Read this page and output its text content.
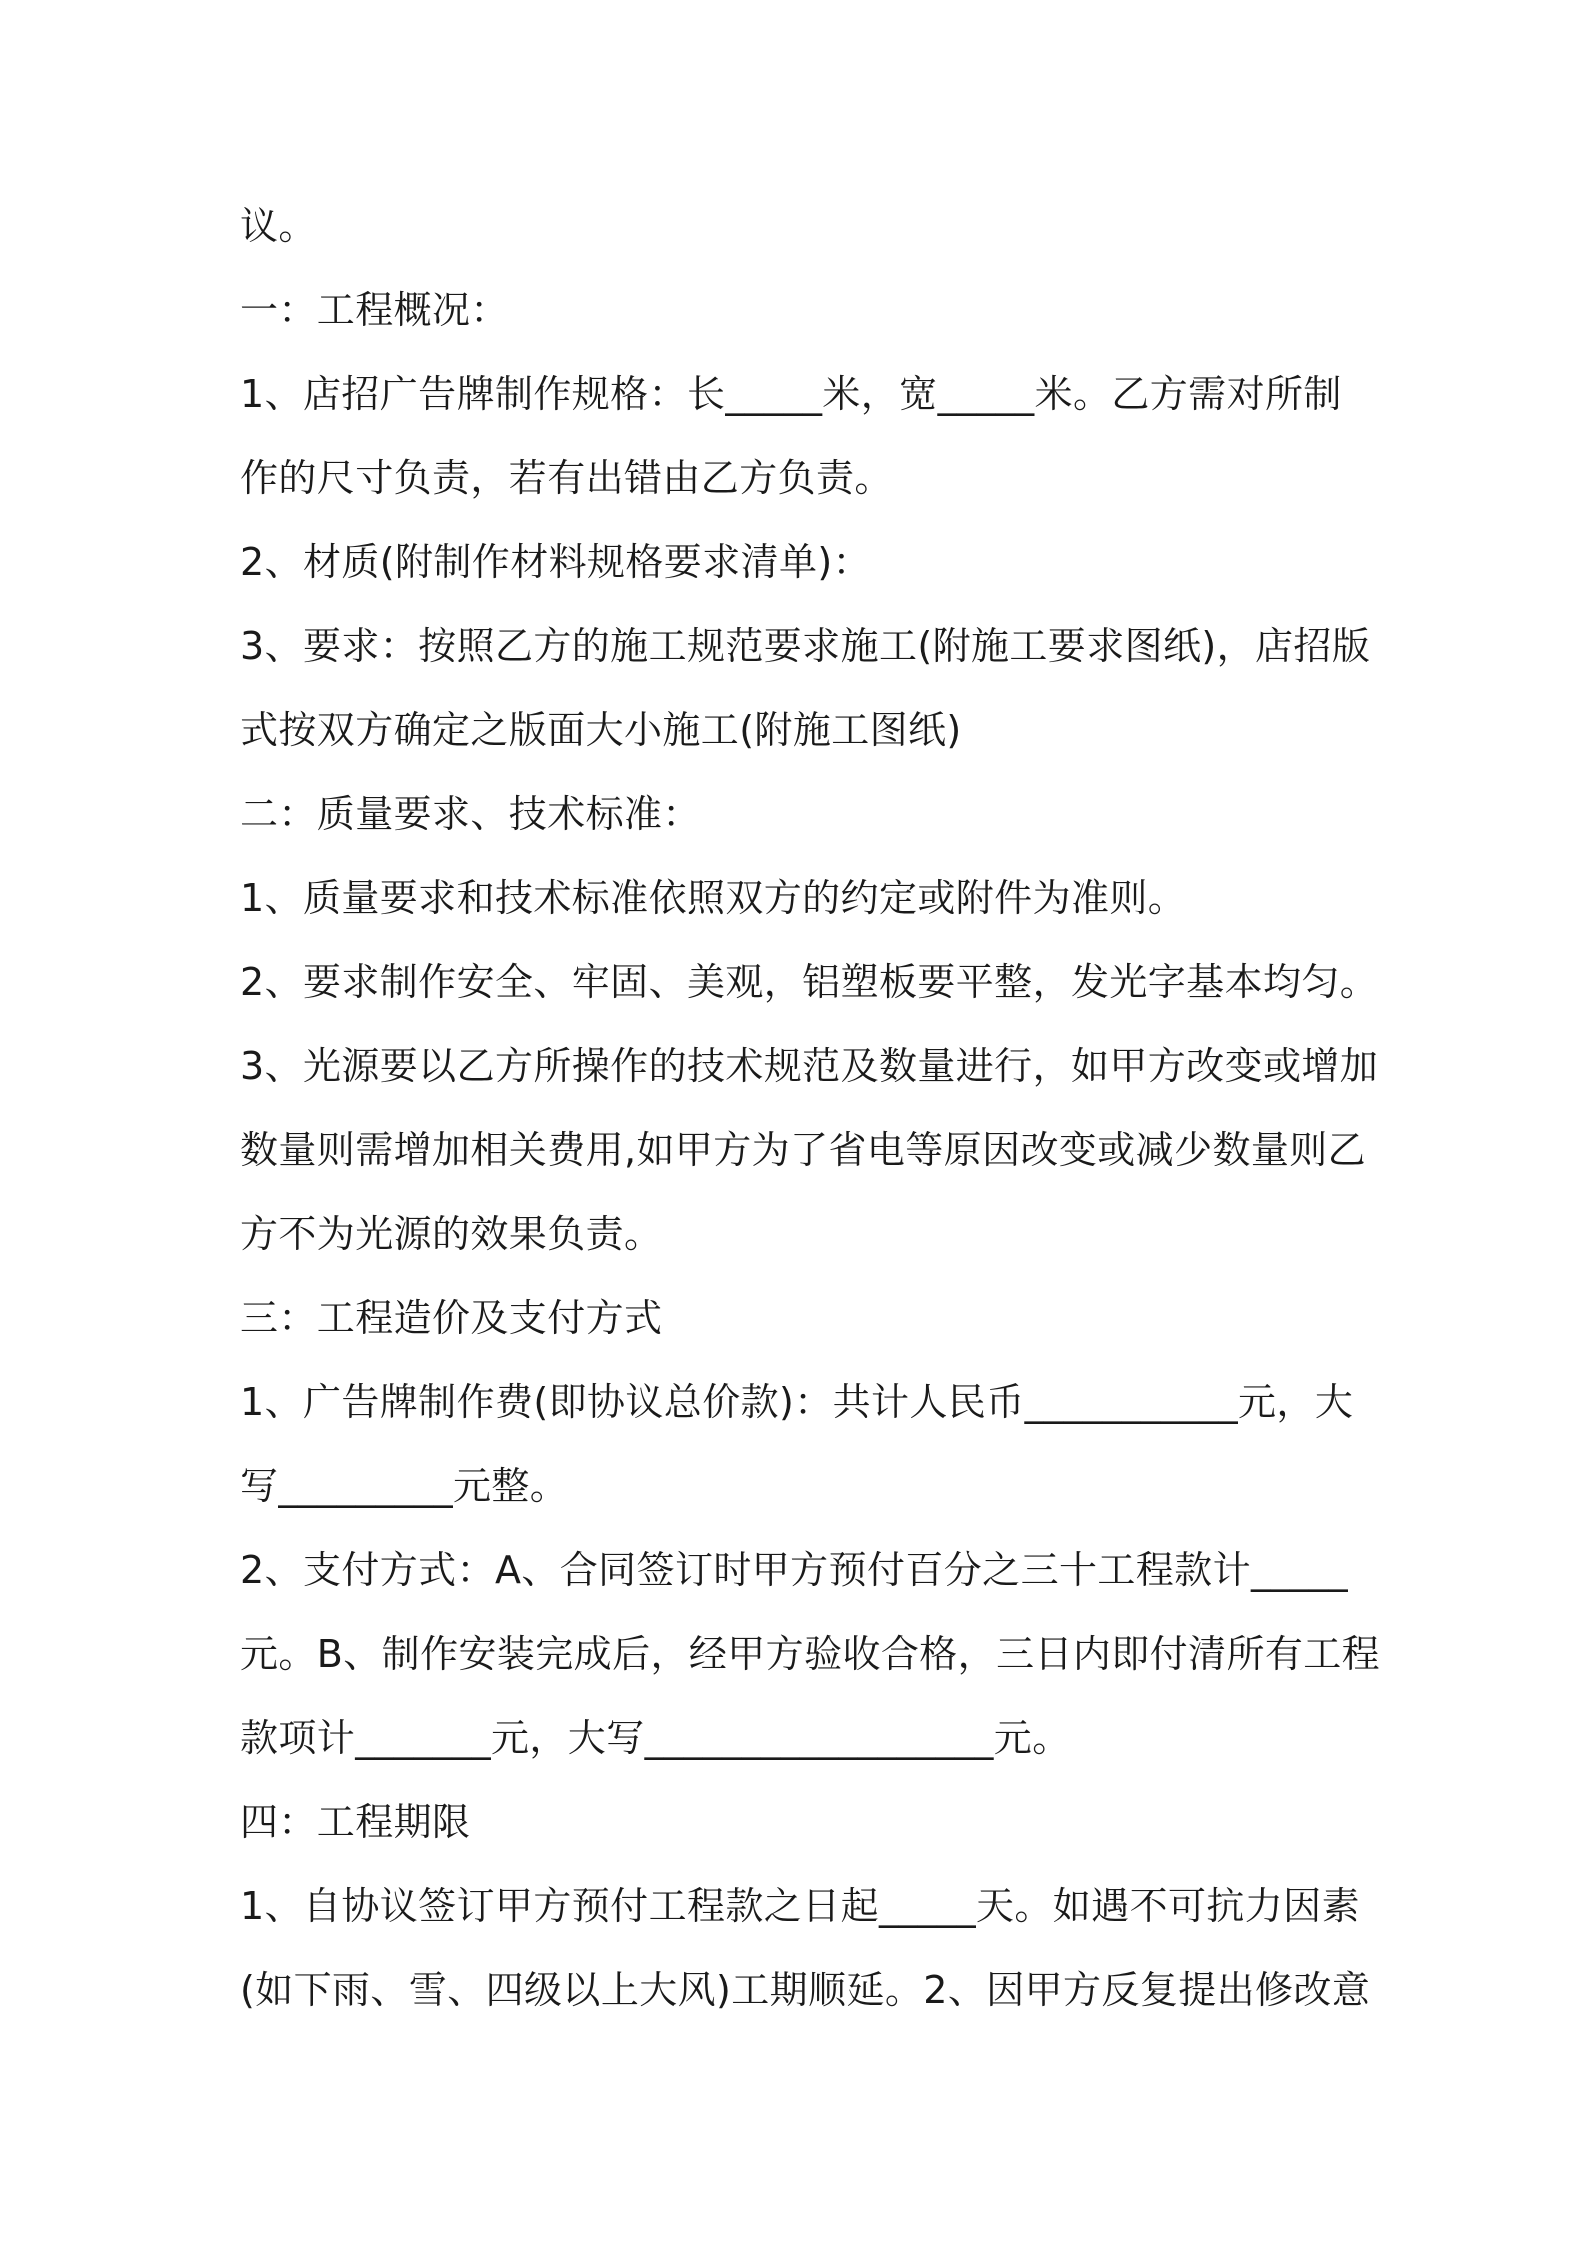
议。
一：工程概况：
1、店招广告牌制作规格：长_____米，宽_____米。乙方需对所制
作的尺寸负责，若有出错由乙方负责。
2、材质(附制作材料规格要求清单)：
3、要求：按照乙方的施工规范要求施工(附施工要求图纸)，店招版
式按双方确定之版面大小施工(附施工图纸)
二：质量要求、技术标准：
1、质量要求和技术标准依照双方的约定或附件为准则。
2、要求制作安全、牢固、美观，铝塑板要平整，发光字基本均匀。
3、光源要以乙方所操作的技术规范及数量进行，如甲方改变或增加
数量则需增加相关费用,如甲方为了省电等原因改变或减少数量则乙
方不为光源的效果负责。
三：工程造价及支付方式
1、广告牌制作费(即协议总价款)：共计人民币___________元，大
写_________元整。
2、支付方式：A、合同签订时甲方预付百分之三十工程款计_____
元。B、制作安装完成后，经甲方验收合格，三日内即付清所有工程
款项计_______元，大写__________________元。
四：工程期限
1、自协议签订甲方预付工程款之日起_____天。如遇不可抗力因素
(如下雨、雪、四级以上大风)工期顺延。2、因甲方反复提出修改意
